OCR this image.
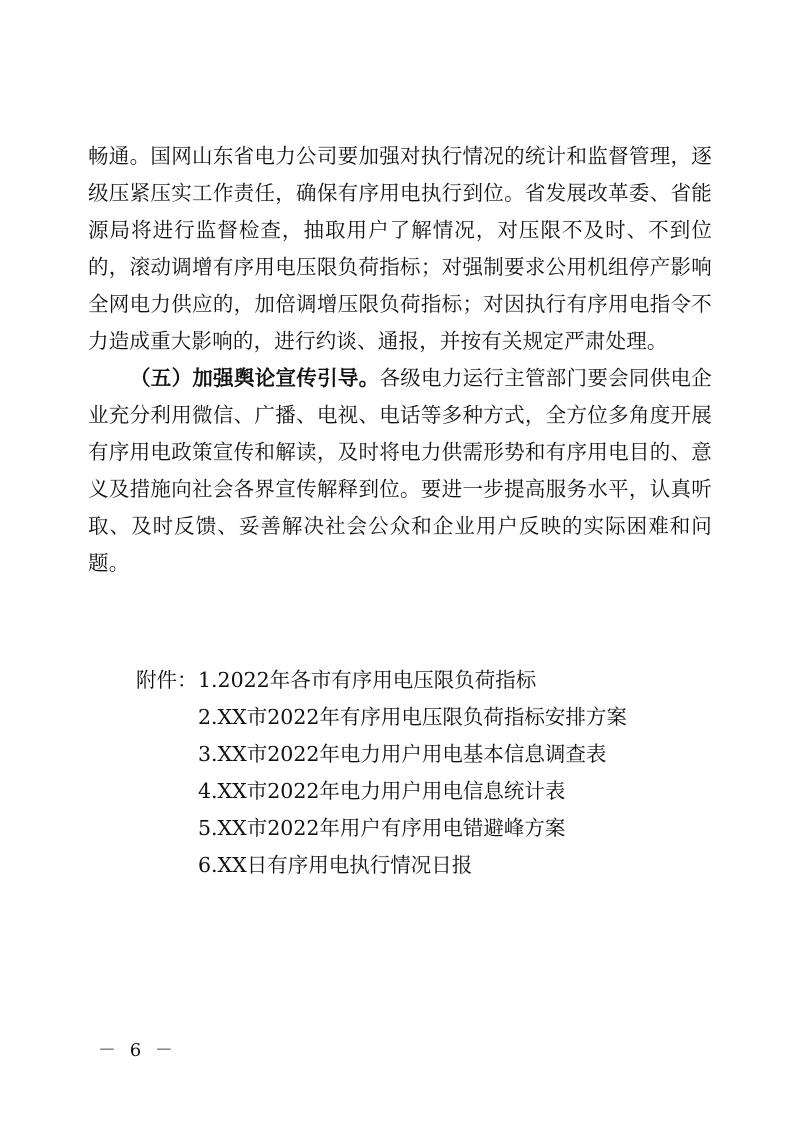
畅通。国网山东省电力公司要加强对执行情况的统计和监督管理，逐级压紧压实工作责任，确保有序用电执行到位。省发展改革委、省能源局将进行监督检查，抽取用户了解情况，对压限不及时、不到位的，滚动调增有序用电压限负荷指标；对强制要求公用机组停产影响全网电力供应的，加倍调增压限负荷指标；对因执行有序用电指令不力造成重大影响的，进行约谈、通报，并按有关规定严肃处理。

（五）加强舆论宣传引导。各级电力运行主管部门要会同供电企业充分利用微信、广播、电视、电话等多种方式，全方位多角度开展有序用电政策宣传和解读，及时将电力供需形势和有序用电目的、意义及措施向社会各界宣传解释到位。要进一步提高服务水平，认真听取、及时反馈、妥善解决社会公众和企业用户反映的实际困难和问题。

附件： 1.2022年各市有序用电压限负荷指标
2.XX市2022年有序用电压限负荷指标安排方案
3.XX市2022年电力用户用电基本信息调查表
4.XX市2022年电力用户用电信息统计表
5.XX市2022年用户有序用电错避峰方案
6.XX日有序用电执行情况日报
－ 6 －
